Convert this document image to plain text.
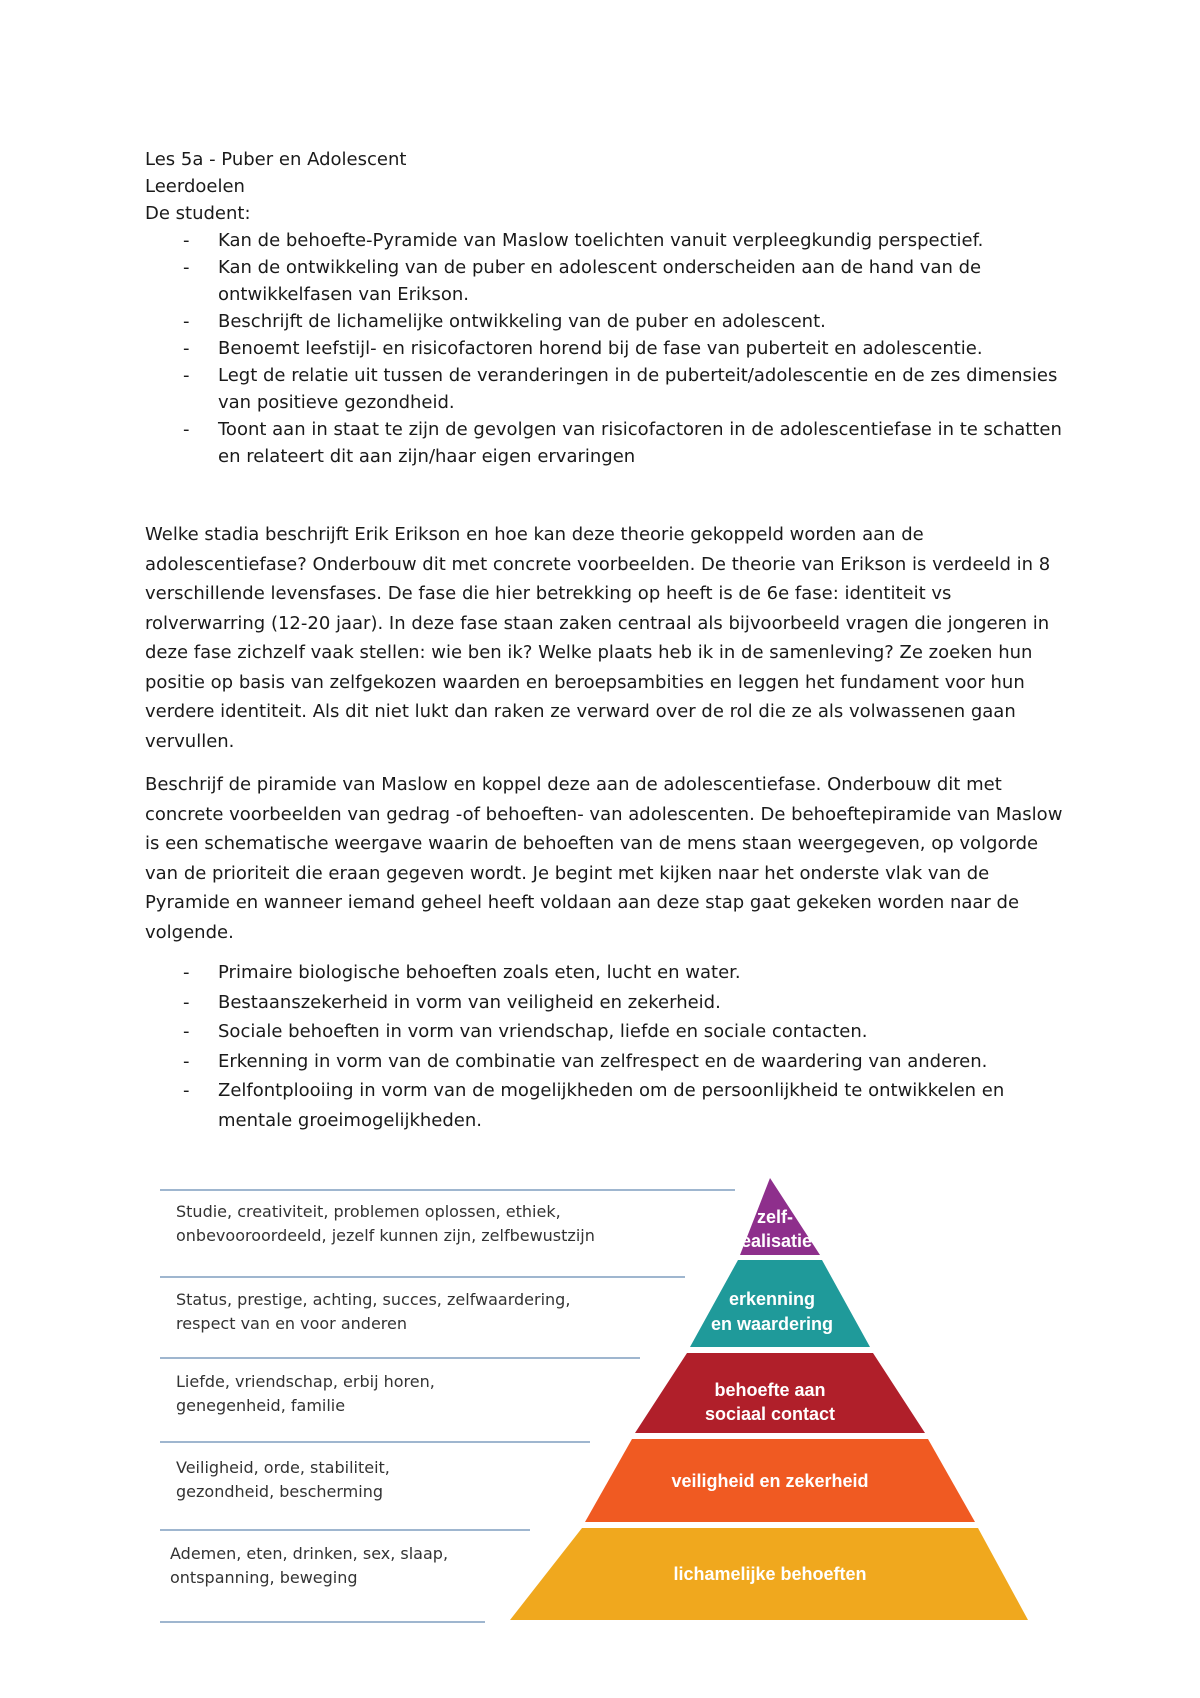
Les 5a - Puber en Adolescent

Leerdoelen

De student:

- Kan de behoefte-Pyramide van Maslow toelichten vanuit verpleegkundig perspectief.
- Kan de ontwikkeling van de puber en adolescent onderscheiden aan de hand van de ontwikkelfasen van Erikson.
- Beschrijft de lichamelijke ontwikkeling van de puber en adolescent.
- Benoemt leefstijl- en risicofactoren horend bij de fase van puberteit en adolescentie.
- Legt de relatie uit tussen de veranderingen in de puberteit/adolescentie en de zes dimensies van positieve gezondheid.
- Toont aan in staat te zijn de gevolgen van risicofactoren in de adolescentiefase in te schatten en relateert dit aan zijn/haar eigen ervaringen

Welke stadia beschrijft Erik Erikson en hoe kan deze theorie gekoppeld worden aan de adolescentiefase? Onderbouw dit met concrete voorbeelden. De theorie van Erikson is verdeeld in 8 verschillende levensfases. De fase die hier betrekking op heeft is de 6e fase: identiteit vs rolverwarring (12-20 jaar). In deze fase staan zaken centraal als bijvoorbeeld vragen die jongeren in deze fase zichzelf vaak stellen: wie ben ik? Welke plaats heb ik in de samenleving? Ze zoeken hun positie op basis van zelfgekozen waarden en beroepsambities en leggen het fundament voor hun verdere identiteit. Als dit niet lukt dan raken ze verward over de rol die ze als volwassenen gaan vervullen.

Beschrijf de piramide van Maslow en koppel deze aan de adolescentiefase. Onderbouw dit met concrete voorbeelden van gedrag -of behoeften- van adolescenten. De behoeftepiramide van Maslow is een schematische weergave waarin de behoeften van de mens staan weergegeven, op volgorde van de prioriteit die eraan gegeven wordt. Je begint met kijken naar het onderste vlak van de Pyramide en wanneer iemand geheel heeft voldaan aan deze stap gaat gekeken worden naar de volgende.

- Primaire biologische behoeften zoals eten, lucht en water.
- Bestaanszekerheid in vorm van veiligheid en zekerheid.
- Sociale behoeften in vorm van vriendschap, liefde en sociale contacten.
- Erkenning in vorm van de combinatie van zelfrespect en de waardering van anderen.
- Zelfontplooiing in vorm van de mogelijkheden om de persoonlijkheid te ontwikkelen en mentale groeimogelijkheden.
zelf-
realisatie
erkenning
en waardering
behoefte aan
sociaal contact
veiligheid en zekerheid
lichamelijke behoeften
Studie, creativiteit, problemen oplossen, ethiek,
onbevooroordeeld, jezelf kunnen zijn, zelfbewustzijn
Status, prestige, achting, succes, zelfwaardering,
respect van en voor anderen
Liefde, vriendschap, erbij horen,
genegenheid, familie
Veiligheid, orde, stabiliteit,
gezondheid, bescherming
Ademen, eten, drinken, sex, slaap,
ontspanning, beweging
